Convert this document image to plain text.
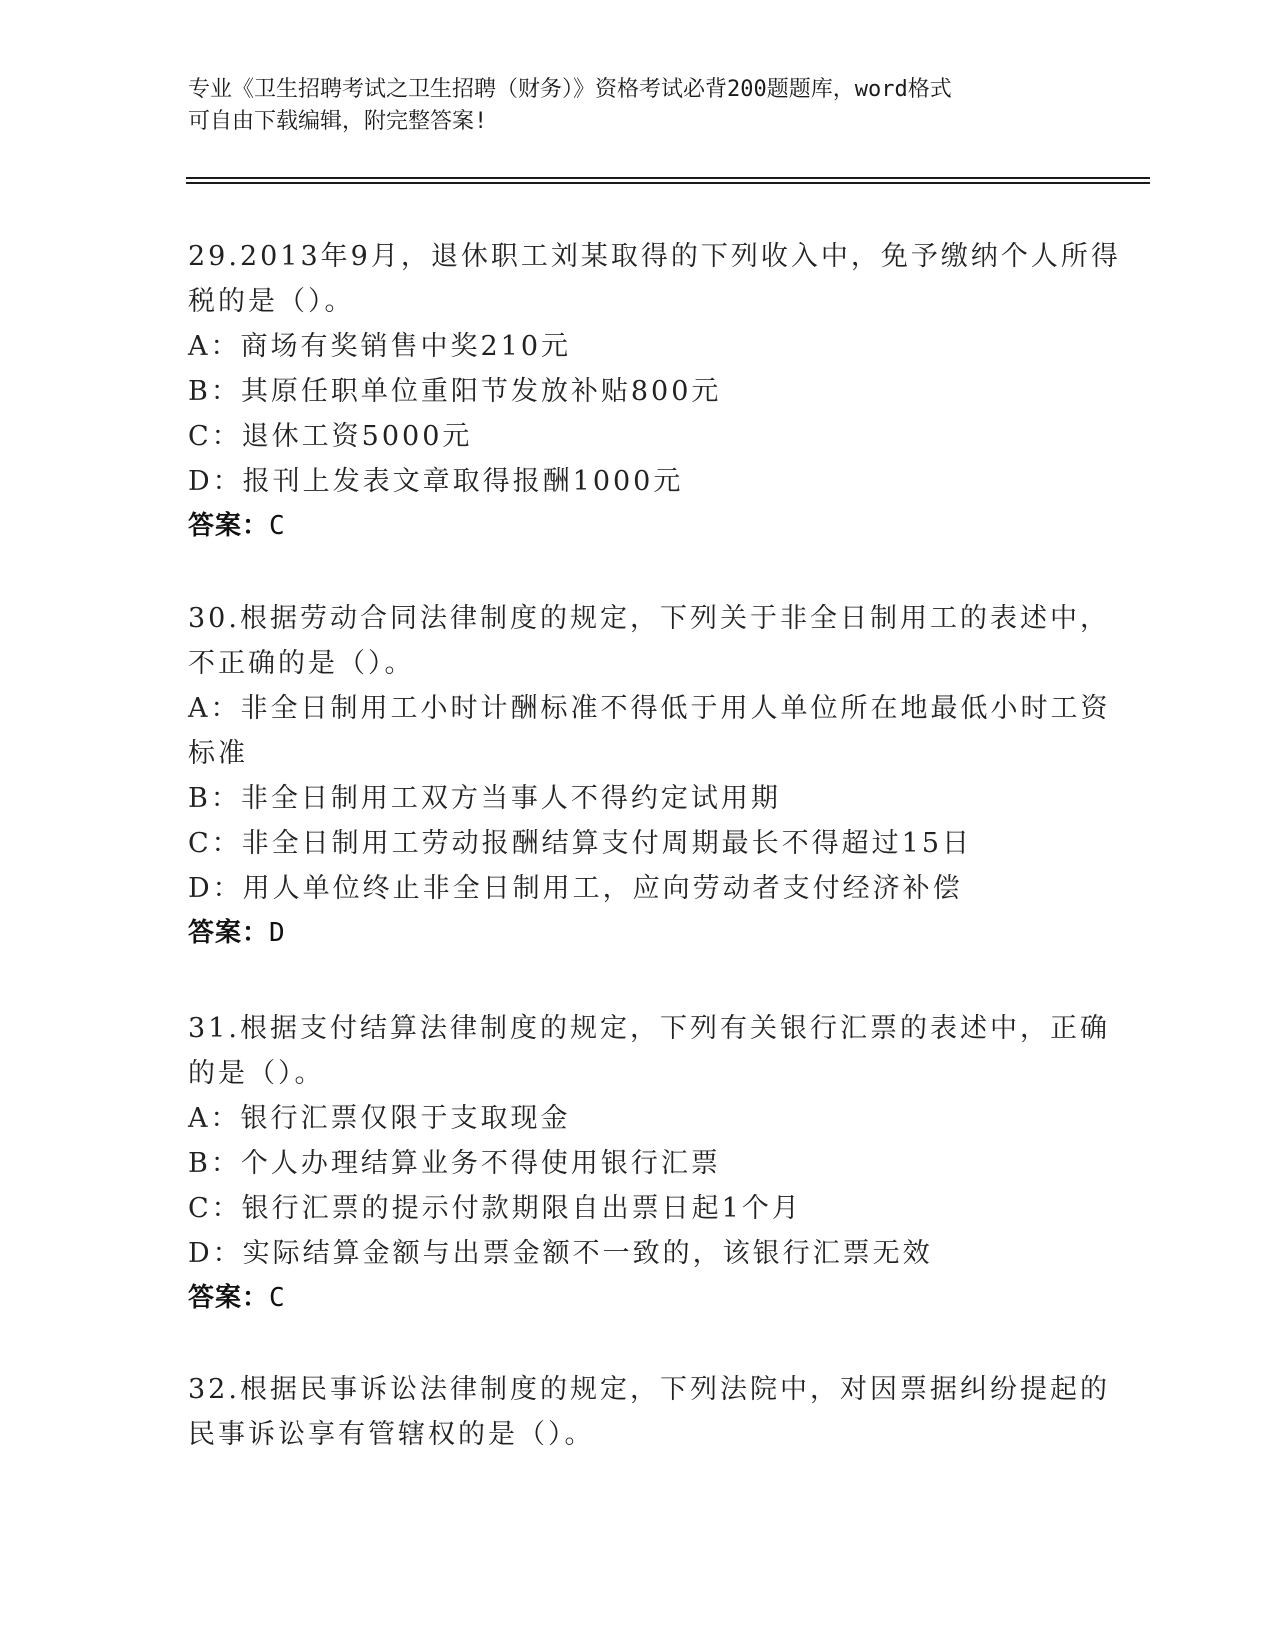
专业《卫生招聘考试之卫生招聘（财务）》资格考试必背200题题库，word格式
可自由下载编辑，附完整答案!
29.2013年9月，退休职工刘某取得的下列收入中，免予缴纳个人所得
税的是（）。
A：商场有奖销售中奖210元
B：其原任职单位重阳节发放补贴800元
C：退休工资5000元
D：报刊上发表文章取得报酬1000元
答案：C
30.根据劳动合同法律制度的规定，下列关于非全日制用工的表述中，
不正确的是（）。
A：非全日制用工小时计酬标准不得低于用人单位所在地最低小时工资
标准
B：非全日制用工双方当事人不得约定试用期
C：非全日制用工劳动报酬结算支付周期最长不得超过15日
D：用人单位终止非全日制用工，应向劳动者支付经济补偿
答案：D
31.根据支付结算法律制度的规定，下列有关银行汇票的表述中，正确
的是（）。
A：银行汇票仅限于支取现金
B：个人办理结算业务不得使用银行汇票
C：银行汇票的提示付款期限自出票日起1个月
D：实际结算金额与出票金额不一致的，该银行汇票无效
答案：C
32.根据民事诉讼法律制度的规定，下列法院中，对因票据纠纷提起的
民事诉讼享有管辖权的是（）。
